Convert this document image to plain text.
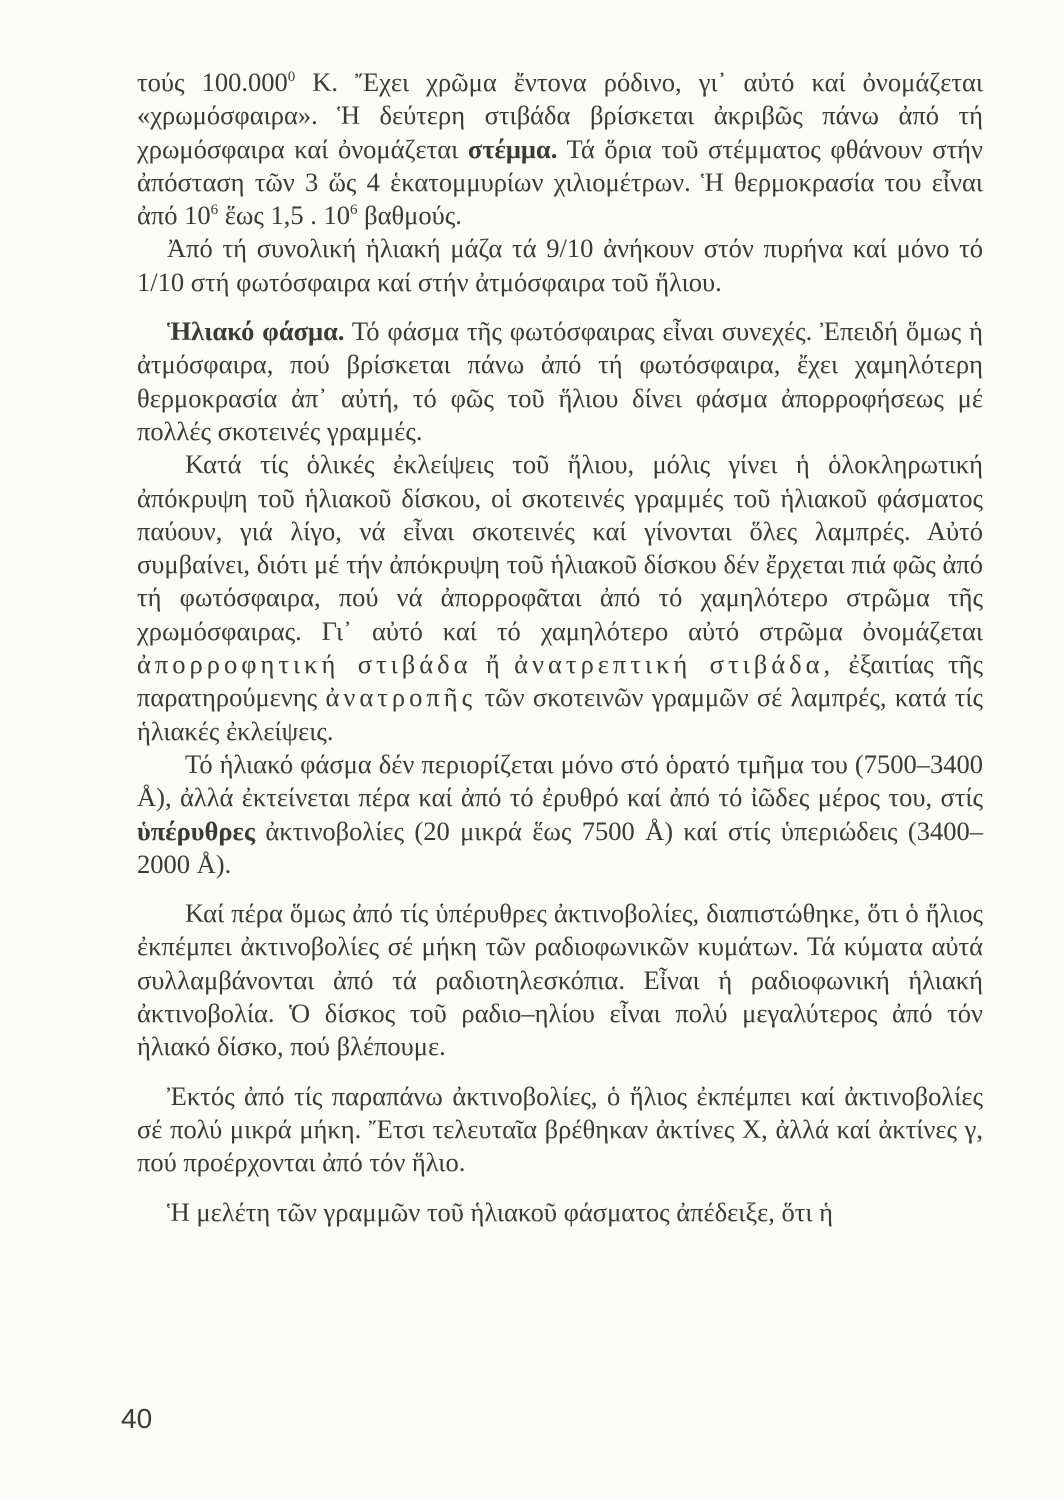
τούς 100.000$^0$ Κ. Ἔχει χρῶμα ἔντονα ρόδινο, γι᾽ αὐτό καί ὀνομάζεται «χρωμόσφαιρα». Ἡ δεύτερη στιβάδα βρίσκεται ἀκριβῶς πάνω ἀπό τή χρωμόσφαιρα καί ὀνομάζεται στέμμα. Τά ὅρια τοῦ στέμματος φθάνουν στήν ἀπόσταση τῶν 3 ὥς 4 ἑκατομμυρίων χιλιομέτρων. Ἡ θερμοκρασία του εἶναι ἀπό $10^6$ ἕως 1,5 . $10^6$ βαθμούς.

Ἀπό τή συνολική ἡλιακή μάζα τά 9/10 ἀνήκουν στόν πυρήνα καί μόνο τό 1/10 στή φωτόσφαιρα καί στήν ἀτμόσφαιρα τοῦ ἥλιου.

Ἡλιακό φάσμα. Τό φάσμα τῆς φωτόσφαιρας εἶναι συνεχές. Ἐπειδή ὅμως ἡ ἀτμόσφαιρα, πού βρίσκεται πάνω ἀπό τή φωτόσφαιρα, ἔχει χαμηλότερη θερμοκρασία ἀπ᾽ αὐτή, τό φῶς τοῦ ἥλιου δίνει φάσμα ἀπορροφήσεως μέ πολλές σκοτεινές γραμμές.

Κατά τίς ὁλικές ἐκλείψεις τοῦ ἥλιου, μόλις γίνει ἡ ὁλοκληρωτική ἀπόκρυψη τοῦ ἡλιακοῦ δίσκου, οἱ σκοτεινές γραμμές τοῦ ἡλιακοῦ φάσματος παύουν, γιά λίγο, νά εἶναι σκοτεινές καί γίνονται ὅλες λαμπρές. Αὐτό συμβαίνει, διότι μέ τήν ἀπόκρυψη τοῦ ἡλιακοῦ δίσκου δέν ἔρχεται πιά φῶς ἀπό τή φωτόσφαιρα, πού νά ἀπορροφᾶται ἀπό τό χαμηλότερο στρῶμα τῆς χρωμόσφαιρας. Γι᾽ αὐτό καί τό χαμηλότερο αὐτό στρῶμα ὀνομάζεται ἀπορροφητική στιβάδα ἤ ἀνατρεπτική στιβάδα, ἐξαιτίας τῆς παρατηρούμενης ἀνατροπῆς τῶν σκοτεινῶν γραμμῶν σέ λαμπρές, κατά τίς ἡλιακές ἐκλείψεις.

Τό ἡλιακό φάσμα δέν περιορίζεται μόνο στό ὁρατό τμῆμα του (7500–3400 Å), ἀλλά ἐκτείνεται πέρα καί ἀπό τό ἐρυθρό καί ἀπό τό ἰῶδες μέρος του, στίς ὑπέρυθρες ἀκτινοβολίες (20 μικρά ἕως 7500 Å) καί στίς ὑπεριώδεις (3400–2000 Å).

Καί πέρα ὅμως ἀπό τίς ὑπέρυθρες ἀκτινοβολίες, διαπιστώθηκε, ὅτι ὁ ἥλιος ἐκπέμπει ἀκτινοβολίες σέ μήκη τῶν ραδιοφωνικῶν κυμάτων. Τά κύματα αὐτά συλλαμβάνονται ἀπό τά ραδιοτηλεσκόπια. Εἶναι ἡ ραδιοφωνική ἡλιακή ἀκτινοβολία. Ὁ δίσκος τοῦ ραδιο–ηλίου εἶναι πολύ μεγαλύτερος ἀπό τόν ἡλιακό δίσκο, πού βλέπουμε.

Ἐκτός ἀπό τίς παραπάνω ἀκτινοβολίες, ὁ ἥλιος ἐκπέμπει καί ἀκτινοβολίες σέ πολύ μικρά μήκη. Ἔτσι τελευταῖα βρέθηκαν ἀκτίνες Χ, ἀλλά καί ἀκτίνες γ, πού προέρχονται ἀπό τόν ἥλιο.

Ἡ μελέτη τῶν γραμμῶν τοῦ ἡλιακοῦ φάσματος ἀπέδειξε, ὅτι ἡ

40
